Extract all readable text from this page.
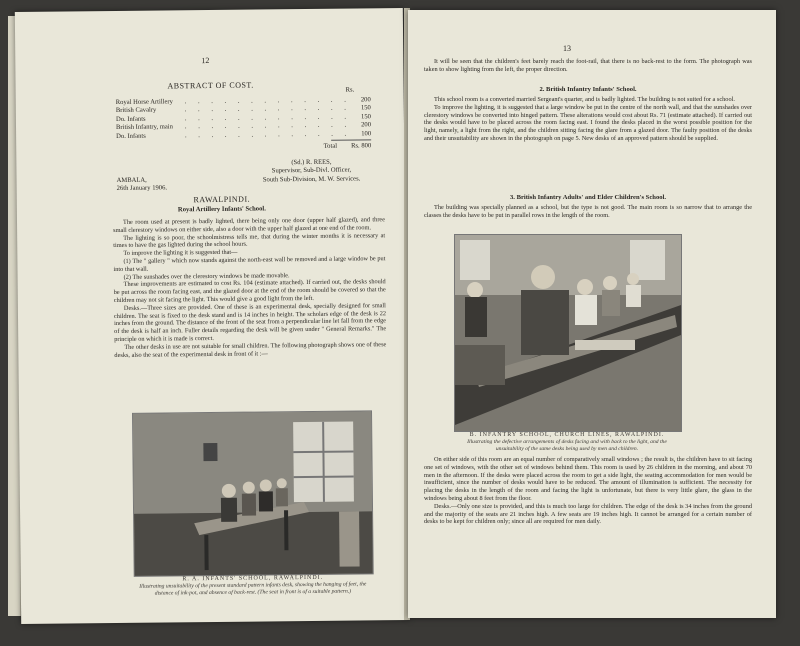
12
ABSTRACT OF COST.	Rs.
Royal Horse Artillery	. . . . . . . . . . . . .	200
British Cavalry	. . . . . . . . . . . . .	150
Do. Infants	. . . . . . . . . . . . .	150
British Infantry, main	. . . . . . . . . . . . .	200
Do. Infants	. . . . . . . . . . . . .	100
Total Rs. 800
(Sd.) R. REES,
Supervisor, Sub-Divl. Officer,
South Sub-Division, M. W. Services.
AMBALA,
26th January 1906.
RAWALPINDI.
Royal Artillery Infants' School.

The room used at present is badly lighted, there being only one door (upper half glazed), and three small clerestory windows on either side, also a door with the upper half glazed at one end of the room.

The lighting is so poor, the schoolmistress tells me, that during the winter months it is necessary at times to have the gas lighted during the school hours.

To improve the lighting it is suggested that—

(1) The " gallery " which now stands against the north-east wall be removed and a large window be put into that wall.

(2) The sunshades over the clerestory windows be made movable.

These improvements are estimated to cost Rs. 104 (estimate attached). If carried out, the desks should be put across the room facing east, and the glazed door at the end of the room should be covered so that the children may not sit facing the light. This would give a good light from the left.

Desks.—Three sizes are provided. One of these is an experimental desk, specially designed for small children. The seat is fixed to the desk stand and is 14 inches in height. The scholars edge of the desk is 22 inches from the ground. The distance of the front of the seat from a perpendicular line let fall from the edge of the desk is half an inch. Fuller details regarding the desk will be given under " General Remarks." The principle on which it is made is correct.

The other desks in use are not suitable for small children. The following photograph shows one of these desks, also the seat of the experimental desk in front of it :—

R. A. INFANTS' SCHOOL, RAWALPINDI.
Illustrating unsuitability of the present standard pattern infants desk, showing the hanging of feet, the distance of ink-pot, and absence of back-rest. (The seat in front is of a suitable pattern.)
13

It will be seen that the children's feet barely reach the foot-rail, that there is no back-rest to the form. The photograph was taken to show lighting from the left, the proper direction.

2. British Infantry Infants' School.

This school room is a converted married Sergeant's quarter, and is badly lighted. The building is not suited for a school.

To improve the lighting, it is suggested that a large window be put in the centre of the north wall, and that the sunshades over clerestory windows be converted into hinged pattern. These alterations would cost about Rs. 71 (estimate attached). If carried out the desks would have to be placed across the room facing east. I found the desks placed in the worst possible position for the light, namely, a light from the right, and the children sitting facing the glare from a glazed door. The faulty position of the desks and their unsuitability are shown in the photograph on page 5. New desks of an approved pattern should be supplied.

3. British Infantry Adults' and Elder Children's School.

The building was specially planned as a school, but the type is not good. The main room is so narrow that to arrange the classes the desks have to be put in parallel rows in the length of the room.

B. INFANTRY SCHOOL, CHURCH LINES, RAWALPINDI.
Illustrating the defective arrangements of desks facing and with back to the light, and the unsuitability of the same desks being used by men and children.

On either side of this room are an equal number of comparatively small windows ; the result is, the children have to sit facing one set of windows, with the other set of windows behind them. This room is used by 26 children in the morning, and about 70 men in the afternoon. If the desks were placed across the room to get a side light, the seating accommodation for men would be insufficient, since the number of desks would have to be reduced. The amount of illumination is sufficient. The necessity for placing the desks in the length of the room and facing the light is unfortunate, but there is very little glare, the glass in the windows being about 8 feet from the floor.

Desks.—Only one size is provided, and this is much too large for children. The edge of the desk is 34 inches from the ground and the majority of the seats are 21 inches high. A few seats are 19 inches high. It cannot be arranged for a certain number of desks to be kept for children only; since all are required for men daily.
